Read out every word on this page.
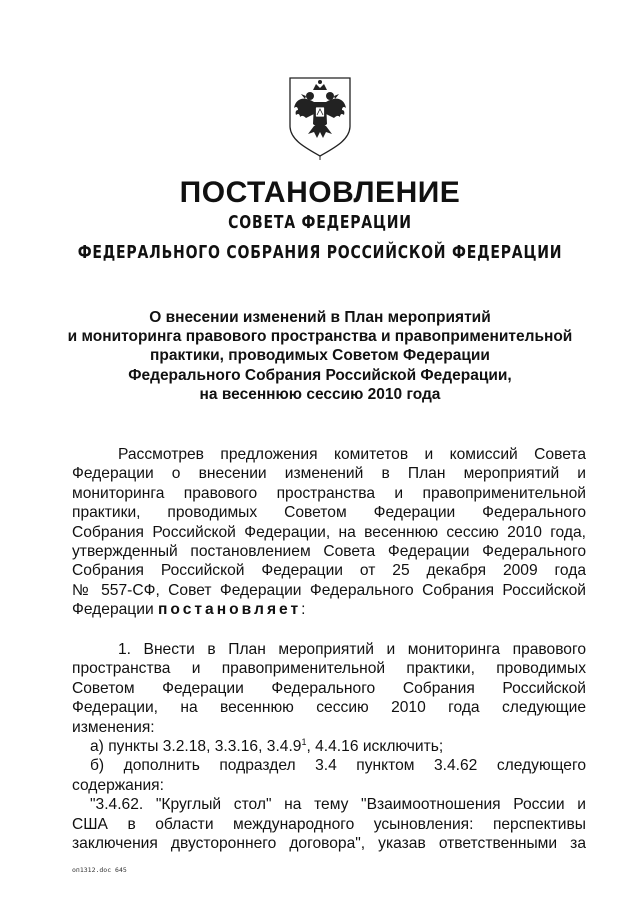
ПОСТАНОВЛЕНИЕ
СОВЕТА ФЕДЕРАЦИИ
ФЕДЕРАЛЬНОГО СОБРАНИЯ РОССИЙСКОЙ ФЕДЕРАЦИИ
О внесении изменений в План мероприятий
и мониторинга правового пространства и правоприменительной
практики, проводимых Советом Федерации
Федерального Собрания Российской Федерации,
на весеннюю сессию 2010 года
Рассмотрев предложения комитетов и комиссий Совета
Федерации о внесении изменений в План мероприятий и
мониторинга правового пространства и правоприменительной
практики, проводимых Советом Федерации Федерального
Собрания Российской Федерации, на весеннюю сессию 2010 года,
утвержденный постановлением Совета Федерации Федерального
Собрания Российской Федерации от 25 декабря 2009 года
№ 557-СФ, Совет Федерации Федерального Собрания Российской
Федерации постановляет:
1. Внести в План мероприятий и мониторинга правового
пространства и правоприменительной практики, проводимых
Советом Федерации Федерального Собрания Российской
Федерации, на весеннюю сессию 2010 года следующие
изменения:
а) пункты 3.2.18, 3.3.16, 3.4.9$^1$, 4.4.16 исключить;
б) дополнить подраздел 3.4 пунктом 3.4.62 следующего
содержания:
"3.4.62. "Круглый стол" на тему "Взаимоотношения России и
США в области международного усыновления: перспективы
заключения двустороннего договора", указав ответственными за
оп1312.doc 645
